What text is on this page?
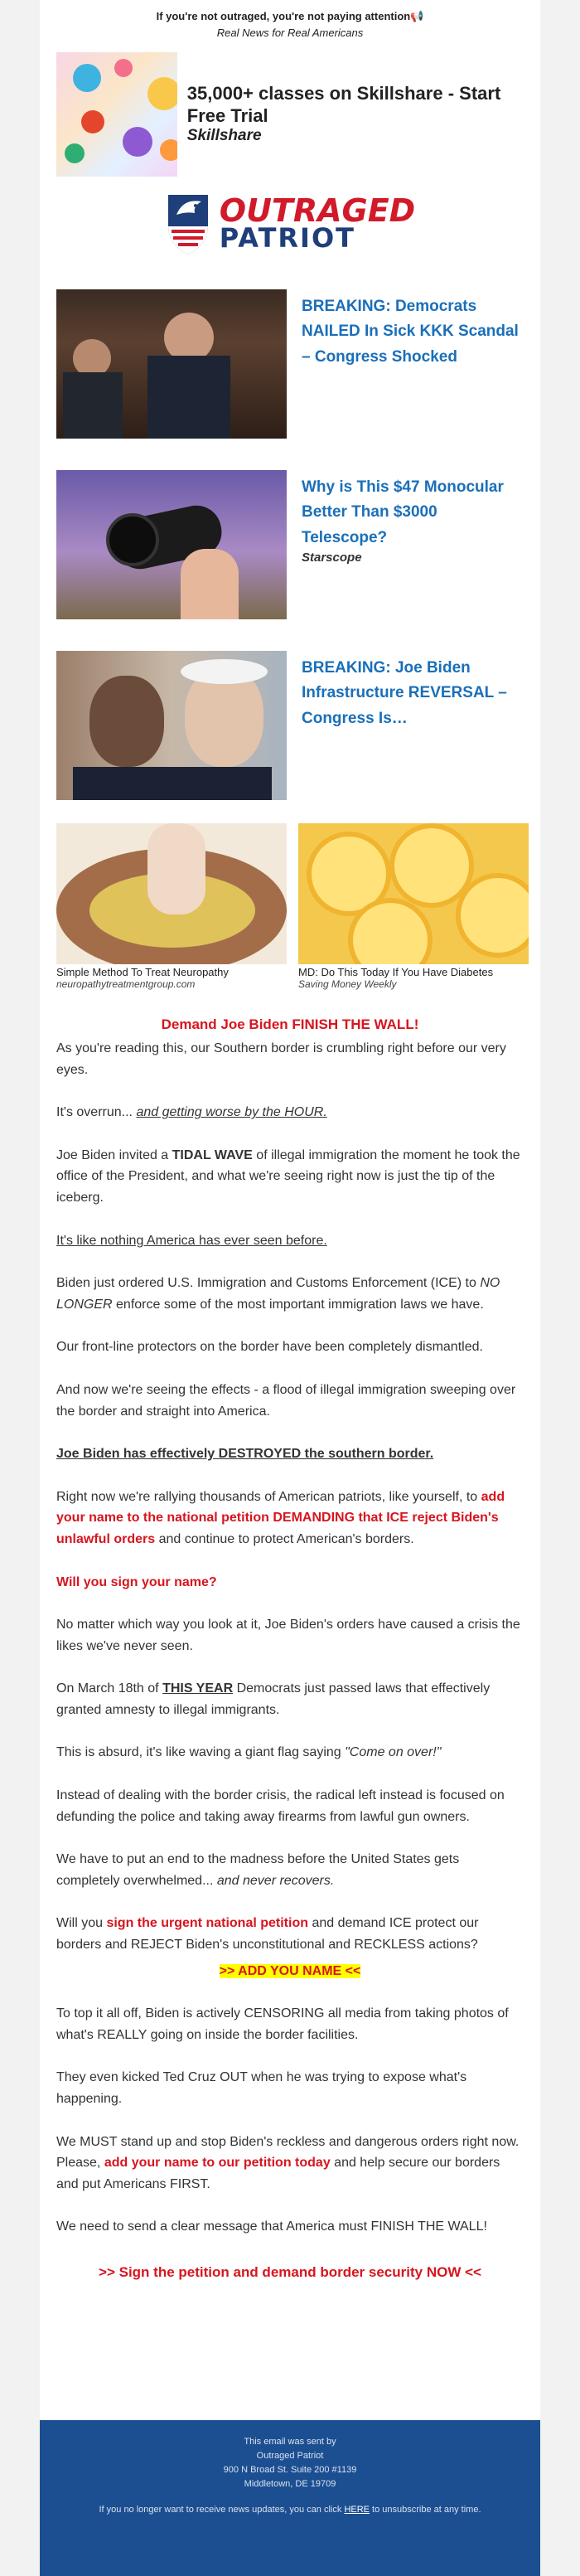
If you're not outraged, you're not paying attention📢
Real News for Real Americans
35,000+ classes on Skillshare - Start Free Trial
Skillshare
OUTRAGED
PATRIOT
BREAKING: Democrats NAILED In Sick KKK Scandal – Congress Shocked
Why is This $47 Monocular Better Than $3000 Telescope?
Starscope
BREAKING: Joe Biden Infrastructure REVERSAL – Congress Is…
Simple Method To Treat Neuropathy
neuropathytreatmentgroup.com
MD: Do This Today If You Have Diabetes
Saving Money Weekly
Demand Joe Biden FINISH THE WALL!

As you're reading this, our Southern border is crumbling right before our very eyes.

It's overrun... and getting worse by the HOUR.

Joe Biden invited a TIDAL WAVE of illegal immigration the moment he took the office of the President, and what we're seeing right now is just the tip of the iceberg.

It's like nothing America has ever seen before.

Biden just ordered U.S. Immigration and Customs Enforcement (ICE) to NO LONGER enforce some of the most important immigration laws we have.

Our front-line protectors on the border have been completely dismantled.

And now we're seeing the effects - a flood of illegal immigration sweeping over the border and straight into America.

Joe Biden has effectively DESTROYED the southern border.

Right now we're rallying thousands of American patriots, like yourself, to add your name to the national petition DEMANDING that ICE reject Biden's unlawful orders and continue to protect American's borders.

Will you sign your name?

No matter which way you look at it, Joe Biden's orders have caused a crisis the likes we've never seen.

On March 18th of THIS YEAR Democrats just passed laws that effectively granted amnesty to illegal immigrants.

This is absurd, it's like waving a giant flag saying "Come on over!"

Instead of dealing with the border crisis, the radical left instead is focused on defunding the police and taking away firearms from lawful gun owners.

We have to put an end to the madness before the United States gets completely overwhelmed... and never recovers.

Will you sign the urgent national petition and demand ICE protect our borders and REJECT Biden's unconstitutional and RECKLESS actions?

>> ADD YOU NAME <<

To top it all off, Biden is actively CENSORING all media from taking photos of what's REALLY going on inside the border facilities.

They even kicked Ted Cruz OUT when he was trying to expose what's happening.

We MUST stand up and stop Biden's reckless and dangerous orders right now. Please, add your name to our petition today and help secure our borders and put Americans FIRST.

We need to send a clear message that America must FINISH THE WALL!

>> Sign the petition and demand border security NOW <<
This email was sent by
Outraged Patriot
900 N Broad St. Suite 200 #1139
Middletown, DE 19709
If you no longer want to receive news updates, you can click HERE to unsubscribe at any time.
